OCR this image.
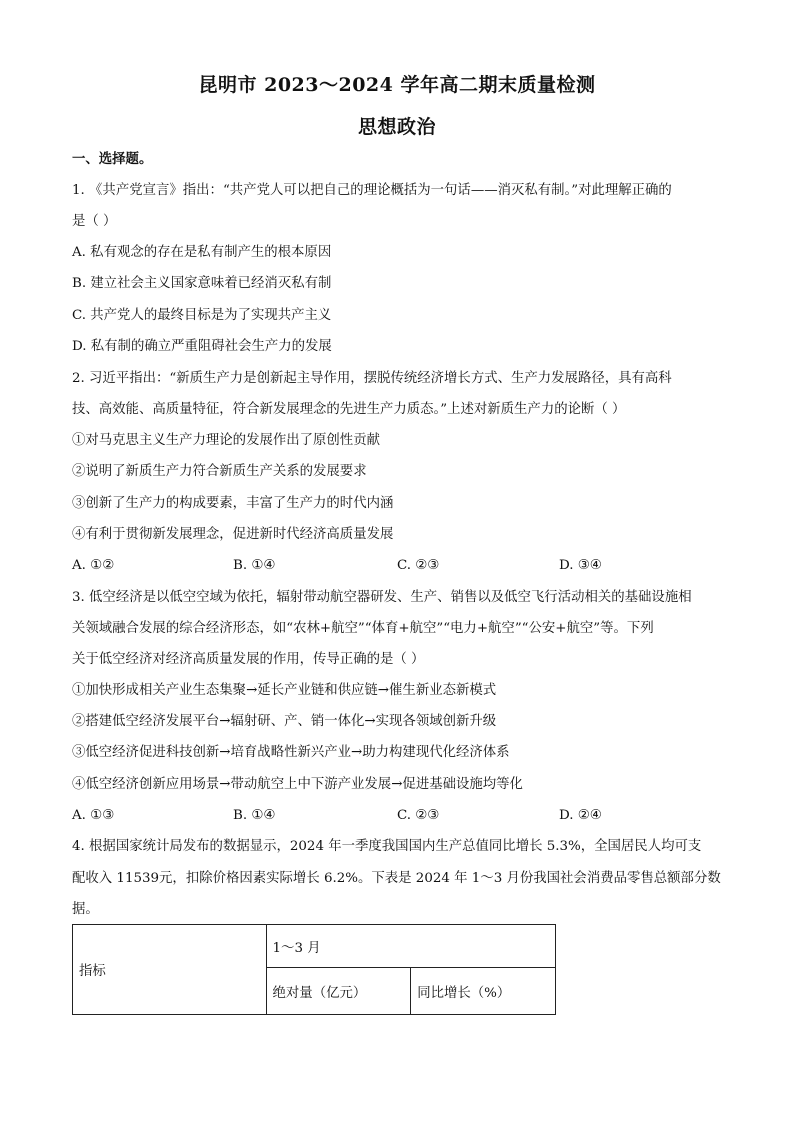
昆明市 2023～2024 学年高二期末质量检测
思想政治
一、选择题。
1. 《共产党宣言》指出：“共产党人可以把自己的理论概括为一句话——消灭私有制。”对此理解正确的
是（ ）
A. 私有观念的存在是私有制产生的根本原因
B. 建立社会主义国家意味着已经消灭私有制
C. 共产党人的最终目标是为了实现共产主义
D. 私有制的确立严重阻碍社会生产力的发展
2. 习近平指出：“新质生产力是创新起主导作用，摆脱传统经济增长方式、生产力发展路径，具有高科
技、高效能、高质量特征，符合新发展理念的先进生产力质态。”上述对新质生产力的论断（ ）
①对马克思主义生产力理论的发展作出了原创性贡献
②说明了新质生产力符合新质生产关系的发展要求
③创新了生产力的构成要素，丰富了生产力的时代内涵
④有利于贯彻新发展理念，促进新时代经济高质量发展
A. ①②	B. ①④	C. ②③	D. ③④
3. 低空经济是以低空空域为依托，辐射带动航空器研发、生产、销售以及低空飞行活动相关的基础设施相
关领域融合发展的综合经济形态，如“农林+航空”“体育+航空”“电力+航空”“公安+航空”等。下列
关于低空经济对经济高质量发展的作用，传导正确的是（ ）
①加快形成相关产业生态集聚→延长产业链和供应链→催生新业态新模式
②搭建低空经济发展平台→辐射研、产、销一体化→实现各领域创新升级
③低空经济促进科技创新→培育战略性新兴产业→助力构建现代化经济体系
④低空经济创新应用场景→带动航空上中下游产业发展→促进基础设施均等化
A. ①③	B. ①④	C. ②③	D. ②④
4. 根据国家统计局发布的数据显示，2024 年一季度我国国内生产总值同比增长 5.3%，全国居民人均可支
配收入 11539元，扣除价格因素实际增长 6.2%。下表是 2024 年 1～3 月份我国社会消费品零售总额部分数
据。
指标	1～3 月	
	绝对量（亿元）	同比增长（%）
